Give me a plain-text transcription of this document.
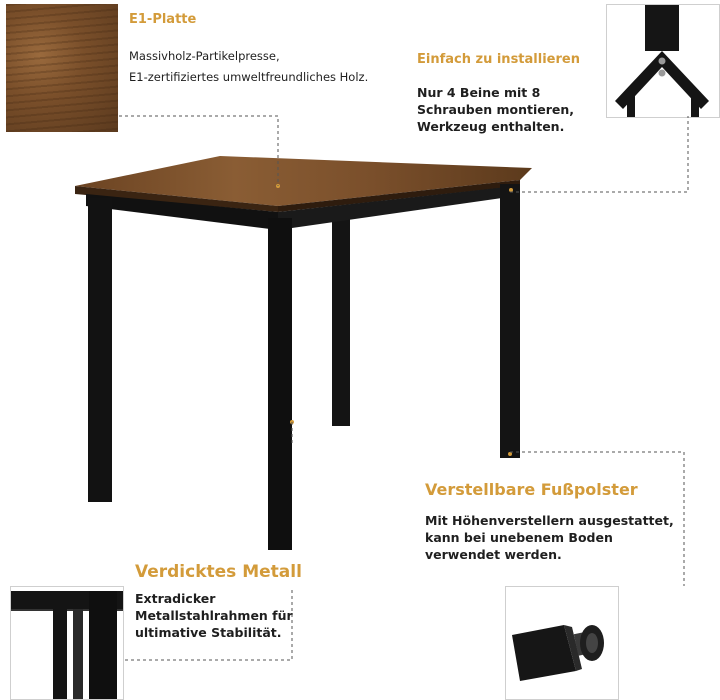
E1-Platte

Massivholz-Partikelpresse,
E1-zertifiziertes umweltfreundliches Holz.

Einfach zu installieren

Nur 4 Beine mit 8
Schrauben montieren,
Werkzeug enthalten.

Verstellbare Fußpolster

Mit Höhenverstellern ausgestattet,
kann bei unebenem Boden
verwendet werden.

Verdicktes Metall

Extradicker
Metallstahlrahmen für
ultimative Stabilität.
